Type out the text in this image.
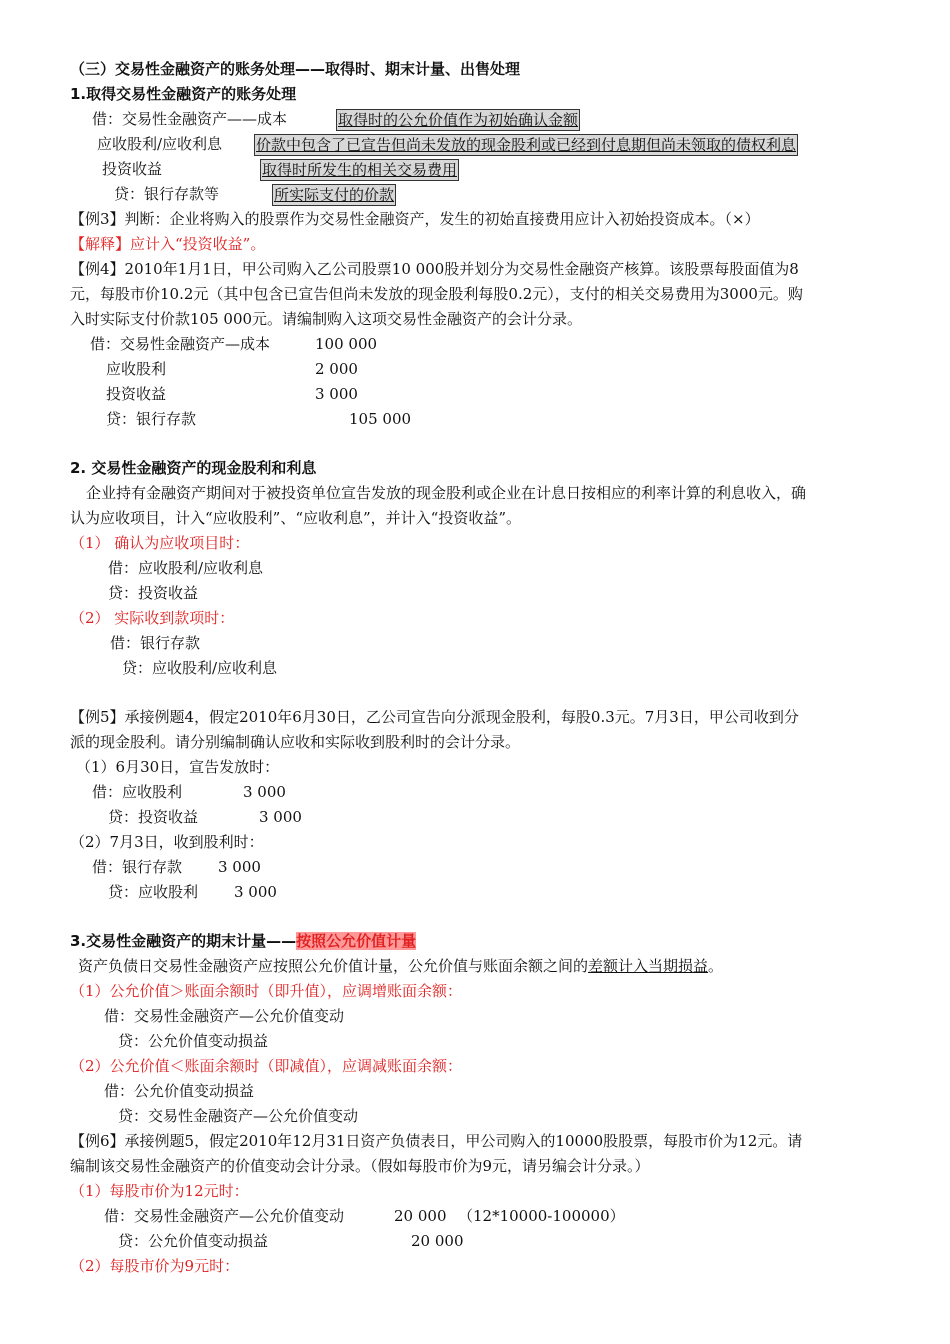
（三）交易性金融资产的账务处理——取得时、期末计量、出售处理
1.取得交易性金融资产的账务处理
借：交易性金融资产——成本	取得时的公允价值作为初始确认金额
应收股利/应收利息 价款中包含了已宣告但尚未发放的现金股利或已经到付息期但尚未领取的债权利息
投资收益	取得时所发生的相关交易费用
贷：银行存款等	所实际支付的价款
【例3】判断：企业将购入的股票作为交易性金融资产，发生的初始直接费用应计入初始投资成本。（×）
【解释】应计入“投资收益”。
【例4】2010年1月1日，甲公司购入乙公司股票10 000股并划分为交易性金融资产核算。该股票每股面值为8
元，每股市价10.2元（其中包含已宣告但尚未发放的现金股利每股0.2元），支付的相关交易费用为3000元。购
入时实际支付价款105 000元。请编制购入这项交易性金融资产的会计分录。
借：交易性金融资产—成本	100 000
应收股利	2 000
投资收益	3 000
贷：银行存款	105 000
2. 交易性金融资产的现金股利和利息
企业持有金融资产期间对于被投资单位宣告发放的现金股利或企业在计息日按相应的利率计算的利息收入，确
认为应收项目，计入“应收股利”、“应收利息”，并计入“投资收益”。
（1） 确认为应收项目时：
借：应收股利/应收利息
贷：投资收益
（2） 实际收到款项时：
借：银行存款
贷：应收股利/应收利息
【例5】承接例题4，假定2010年6月30日，乙公司宣告向分派现金股利，每股0.3元。7月3日，甲公司收到分
派的现金股利。请分别编制确认应收和实际收到股利时的会计分录。
（1）6月30日，宣告发放时：
借：应收股利	3 000
贷：投资收益	3 000
（2）7月3日，收到股利时：
借：银行存款 3 000
贷：应收股利 3 000
3.交易性金融资产的期末计量——按照公允价值计量
资产负债日交易性金融资产应按照公允价值计量，公允价值与账面余额之间的差额计入当期损益。
（1）公允价值＞账面余额时（即升值），应调增账面余额：
借：交易性金融资产—公允价值变动
贷：公允价值变动损益
（2）公允价值＜账面余额时（即减值），应调减账面余额：
借：公允价值变动损益
贷：交易性金融资产—公允价值变动
【例6】承接例题5，假定2010年12月31日资产负债表日，甲公司购入的10000股股票，每股市价为12元。请
编制该交易性金融资产的价值变动会计分录。（假如每股市价为9元，请另编会计分录。）
（1）每股市价为12元时：
借：交易性金融资产—公允价值变动	20 000 （12*10000-100000）
贷：公允价值变动损益	20 000
（2）每股市价为9元时：
